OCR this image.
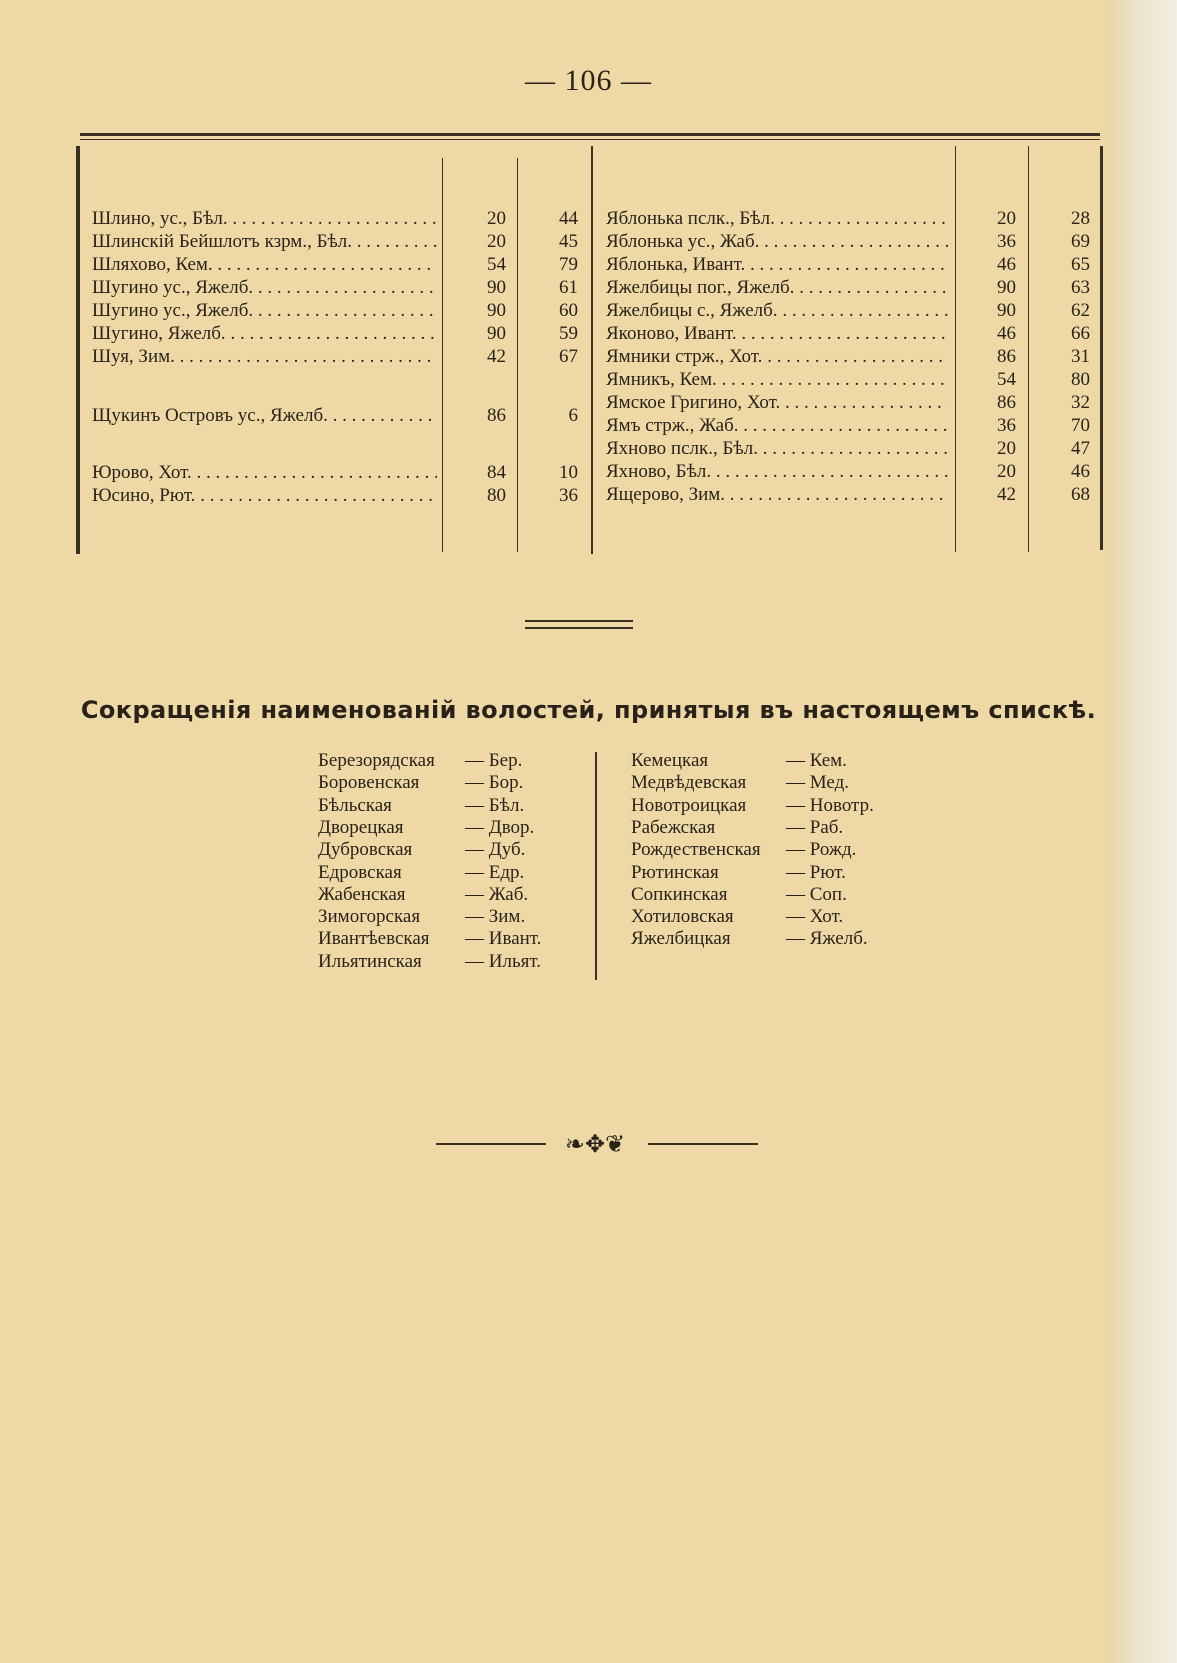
— 106 —
Шлино, ус., Бѣл. . . .	20	44
Шлинскій Бейшлотъ кзрм., Бѣл. . . .	20	45
Шляхово, Кем. . . .	54	79
Шугино ус., Яжелб. . . .	90	61
Шугино ус., Яжелб. . . .	90	60
Шугино, Яжелб. . . .	90	59
Шуя, Зим. . . .	42	67
Щукинъ Островъ ус., Яжелб. . . .	86	6
Юрово, Хот. . . .	84	10
Юсино, Рют. . . .	80	36
Яблонька пслк., Бѣл. . . .	20	28
Яблонька ус., Жаб. . . .	36	69
Яблонька, Ивант. . . .	46	65
Яжелбицы пог., Яжелб. . . .	90	63
Яжелбицы с., Яжелб. . . .	90	62
Яконово, Ивант. . . .	46	66
Ямники стрж., Хот. . . .	86	31
Ямникъ, Кем. . . .	54	80
Ямское Григино, Хот. . . .	86	32
Ямъ стрж., Жаб. . . .	36	70
Яхново пслк., Бѣл. . . .	20	47
Яхново, Бѣл. . . .	20	46
Ящерово, Зим. . . .	42	68
Сокращенія наименованій волостей, принятыя въ настоящемъ спискѣ.
Березорядская — Бер.
Боровенская — Бор.
Бѣльская	— Бѣл.
Дворецкая	— Двор.
Дубровская	— Дуб.
Едровская	— Едр.
Жабенская	— Жаб.
Зимогорская — Зим.
Ивантѣевская — Ивант.
Ильятинская — Ильят.
Кемецкая	— Кем.
Медвѣдевская — Мед.
Новотроицкая — Новотр.
Рабежская	— Раб.
Рождественская — Рожд.
Рютинская	— Рют.
Сопкинская	— Соп.
Хотиловская	— Хот.
Яжелбицкая	— Яжелб.
❧✥❦
